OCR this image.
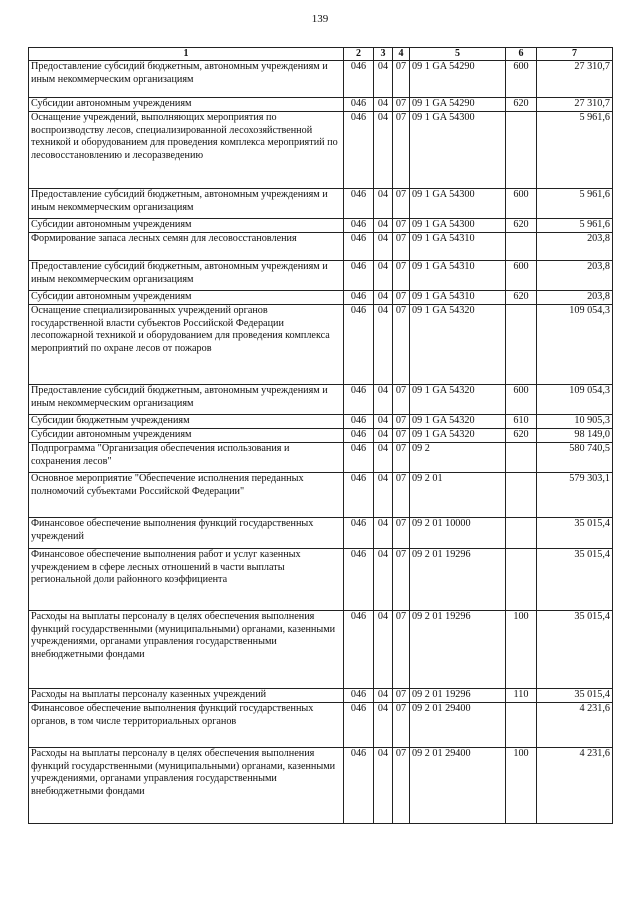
139
1	2	3	4	5	6	7
Предоставление субсидий бюджетным, автономным учреждениям и иным некоммерческим организациям	046	04	07	09 1 GA 54290	600	27 310,7
Субсидии автономным учреждениям	046	04	07	09 1 GA 54290	620	27 310,7
Оснащение учреждений, выполняющих мероприятия по воспроизводству лесов, специализированной лесохозяйственной техникой и оборудованием для проведения комплекса мероприятий по лесовосстановлению и лесоразведению	046	04	07	09 1 GA 54300		5 961,6
Предоставление субсидий бюджетным, автономным учреждениям и иным некоммерческим организациям	046	04	07	09 1 GA 54300	600	5 961,6
Субсидии автономным учреждениям	046	04	07	09 1 GA 54300	620	5 961,6
Формирование запаса лесных семян для лесовосстановления	046	04	07	09 1 GA 54310		203,8
Предоставление субсидий бюджетным, автономным учреждениям и иным некоммерческим организациям	046	04	07	09 1 GA 54310	600	203,8
Субсидии автономным учреждениям	046	04	07	09 1 GA 54310	620	203,8
Оснащение специализированных учреждений органов государственной власти субъектов Российской Федерации лесопожарной техникой и оборудованием для проведения комплекса мероприятий по охране лесов от пожаров	046	04	07	09 1 GA 54320		109 054,3
Предоставление субсидий бюджетным, автономным учреждениям и иным некоммерческим организациям	046	04	07	09 1 GA 54320	600	109 054,3
Субсидии бюджетным учреждениям	046	04	07	09 1 GA 54320	610	10 905,3
Субсидии автономным учреждениям	046	04	07	09 1 GA 54320	620	98 149,0
Подпрограмма "Организация обеспечения использования и сохранения лесов"	046	04	07	09 2		580 740,5
Основное мероприятие "Обеспечение исполнения переданных полномочий субъектами Российской Федерации"	046	04	07	09 2 01		579 303,1
Финансовое обеспечение выполнения функций государственных учреждений	046	04	07	09 2 01 10000		35 015,4
Финансовое обеспечение выполнения работ и услуг казенных учреждением в сфере лесных отношений в части выплаты региональной доли районного коэффициента	046	04	07	09 2 01 19296		35 015,4
Расходы на выплаты персоналу в целях обеспечения выполнения функций государственными (муниципальными) органами, казенными учреждениями, органами управления государственными внебюджетными фондами	046	04	07	09 2 01 19296	100	35 015,4
Расходы на выплаты персоналу казенных учреждений	046	04	07	09 2 01 19296	110	35 015,4
Финансовое обеспечение выполнения функций государственных органов, в том числе территориальных органов	046	04	07	09 2 01 29400		4 231,6
Расходы на выплаты персоналу в целях обеспечения выполнения функций государственными (муниципальными) органами, казенными учреждениями, органами управления государственными внебюджетными фондами	046	04	07	09 2 01 29400	100	4 231,6
